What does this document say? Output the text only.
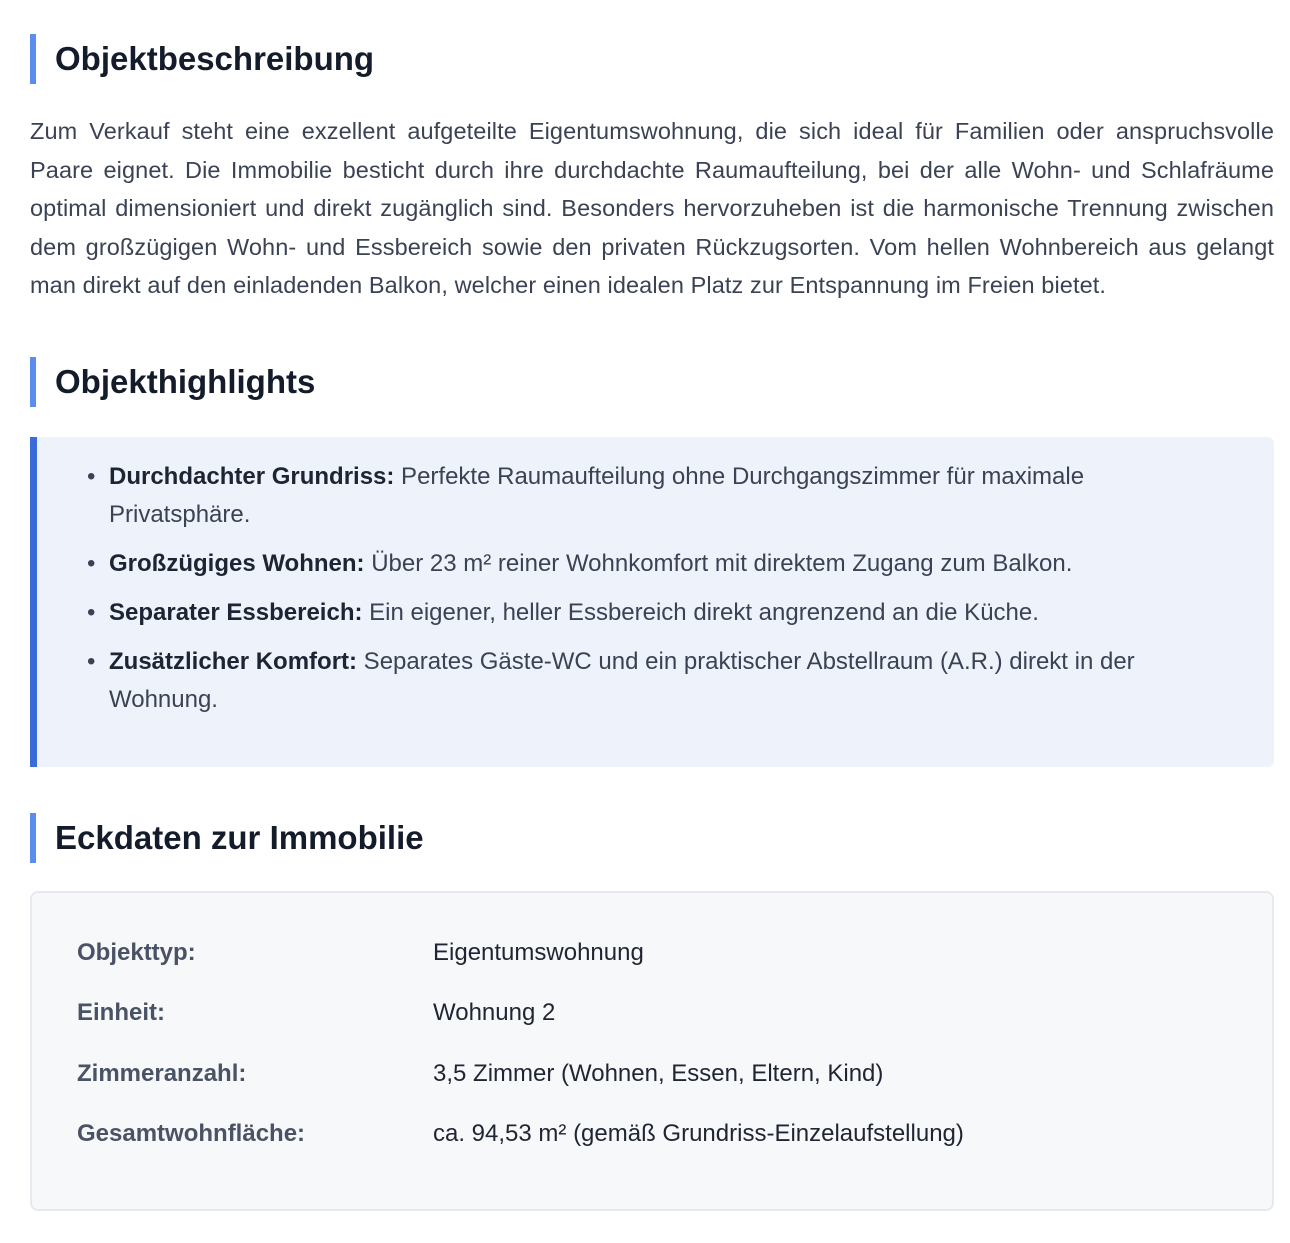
Objektbeschreibung

Zum Verkauf steht eine exzellent aufgeteilte Eigentumswohnung, die sich ideal für Familien oder anspruchsvolle Paare eignet. Die Immobilie besticht durch ihre durchdachte Raumaufteilung, bei der alle Wohn- und Schlafräume optimal dimensioniert und direkt zugänglich sind. Besonders hervorzuheben ist die harmonische Trennung zwischen dem großzügigen Wohn- und Essbereich sowie den privaten Rückzugsorten. Vom hellen Wohnbereich aus gelangt man direkt auf den einladenden Balkon, welcher einen idealen Platz zur Entspannung im Freien bietet.

Objekthighlights
• Durchdachter Grundriss: Perfekte Raumaufteilung ohne Durchgangszimmer für maximale Privatsphäre.
• Großzügiges Wohnen: Über 23 m² reiner Wohnkomfort mit direktem Zugang zum Balkon.
• Separater Essbereich: Ein eigener, heller Essbereich direkt angrenzend an die Küche.
• Zusätzlicher Komfort: Separates Gäste-WC und ein praktischer Abstellraum (A.R.) direkt in der Wohnung.
Eckdaten zur Immobilie
Objekttyp:	Eigentumswohnung
Einheit:	Wohnung 2
Zimmeranzahl:	3,5 Zimmer (Wohnen, Essen, Eltern, Kind)
Gesamtwohnfläche:	ca. 94,53 m² (gemäß Grundriss-Einzelaufstellung)
